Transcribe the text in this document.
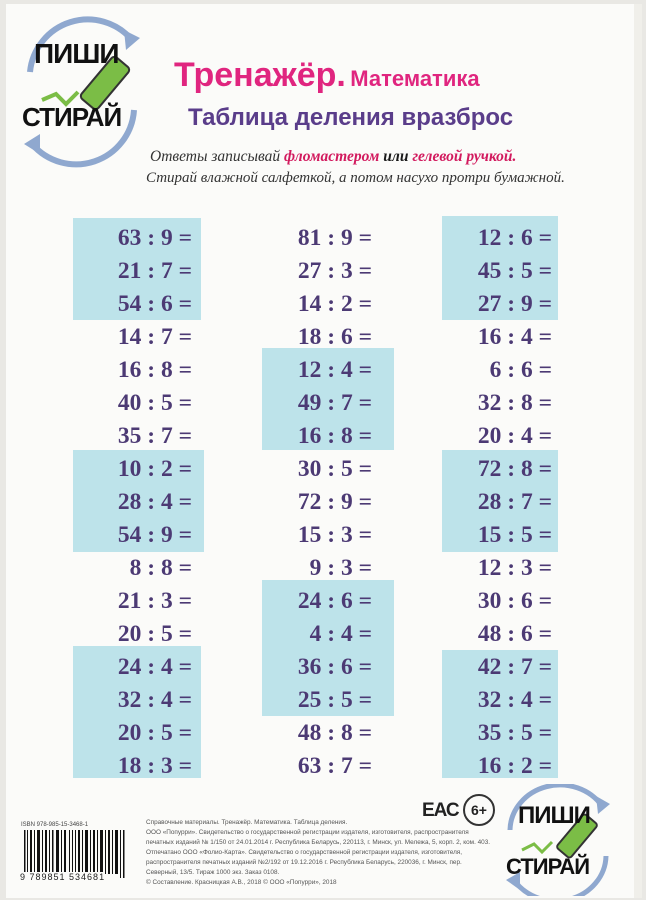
ПИШИ
СТИРАЙ
Тренажёр. Математика
Таблица деления вразброс
Ответы записывай фломастером или гелевой ручкой.
Стирай влажной салфеткой, а потом насухо протри бумажной.
63 : 9 =
21 : 7 =
54 : 6 =
14 : 7 =
16 : 8 =
40 : 5 =
35 : 7 =
10 : 2 =
28 : 4 =
54 : 9 =
8 : 8 =
21 : 3 =
20 : 5 =
24 : 4 =
32 : 4 =
20 : 5 =
18 : 3 =
81 : 9 =
27 : 3 =
14 : 2 =
18 : 6 =
12 : 4 =
49 : 7 =
16 : 8 =
30 : 5 =
72 : 9 =
15 : 3 =
9 : 3 =
24 : 6 =
4 : 4 =
36 : 6 =
25 : 5 =
48 : 8 =
63 : 7 =
12 : 6 =
45 : 5 =
27 : 9 =
16 : 4 =
6 : 6 =
32 : 8 =
20 : 4 =
72 : 8 =
28 : 7 =
15 : 5 =
12 : 3 =
30 : 6 =
48 : 6 =
42 : 7 =
32 : 4 =
35 : 5 =
16 : 2 =
ISBN 978-985-15-3468-1
9 789851 534681
Справочные материалы. Тренажёр. Математика. Таблица деления.
ООО «Попурри». Свидетельство о государственной регистрации издателя, изготовителя, распространителя печатных изданий № 1/150 от 24.01.2014 г. Республика Беларусь, 220113, г. Минск, ул. Мележа, 5, корп. 2, ком. 403. Отпечатано ООО «Фолио-Карта». Свидетельство о государственной регистрации издателя, изготовителя, распространителя печатных изданий №2/192 от 19.12.2016 г. Республика Беларусь, 220036, г. Минск, пер. Северный, 13/5. Тираж 1000 экз. Заказ 0108.
© Составление. Красницкая А.В., 2018 © ООО «Попурри», 2018
ЕАС 6+	ПИШИ
СТИРАЙ
